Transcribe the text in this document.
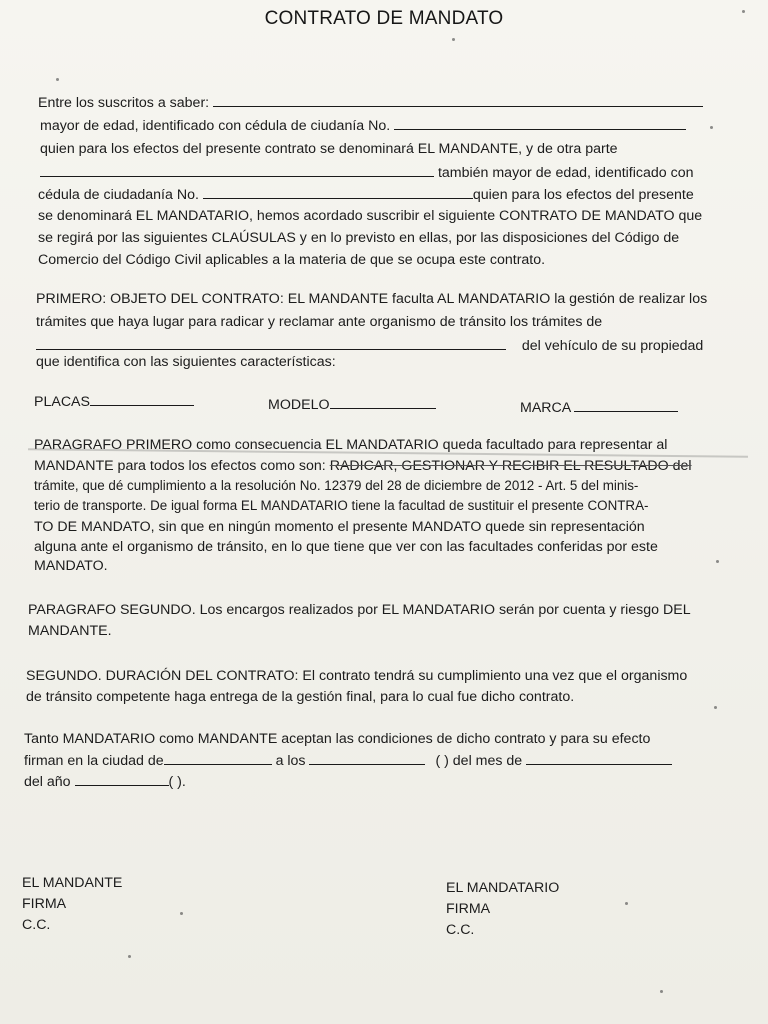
CONTRATO DE MANDATO
Entre los suscritos a saber:
mayor de edad, identificado con cédula de ciudanía No.
quien para los efectos del presente contrato se denominará EL MANDANTE, y de otra parte
también mayor de edad, identificado con
cédula de ciudadanía No.	quien para los efectos del presente
se denominará EL MANDATARIO, hemos acordado suscribir el siguiente CONTRATO DE MANDATO que
se regirá por las siguientes CLAÚSULAS y en lo previsto en ellas, por las disposiciones del Código de
Comercio del Código Civil aplicables a la materia de que se ocupa este contrato.
PRIMERO: OBJETO DEL CONTRATO: EL MANDANTE faculta AL MANDATARIO la gestión de realizar los
trámites que haya lugar para radicar y reclamar ante organismo de tránsito los trámites de
del vehículo de su propiedad
que identifica con las siguientes características:
PLACAS	MODELO	MARCA
PARAGRAFO PRIMERO como consecuencia EL MANDATARIO queda facultado para representar al
MANDANTE para todos los efectos como son: RADICAR, GESTIONAR Y RECIBIR EL RESULTADO del
trámite, que dé cumplimiento a la resolución No. 12379 del 28 de diciembre de 2012 - Art. 5 del minis-
terio de transporte. De igual forma EL MANDATARIO tiene la facultad de sustituir el presente CONTRA-
TO DE MANDATO, sin que en ningún momento el presente MANDATO quede sin representación
alguna ante el organismo de tránsito, en lo que tiene que ver con las facultades conferidas por este
MANDATO.
PARAGRAFO SEGUNDO. Los encargos realizados por EL MANDATARIO serán por cuenta y riesgo DEL
MANDANTE.
SEGUNDO. DURACIÓN DEL CONTRATO: El contrato tendrá su cumplimiento una vez que el organismo
de tránsito competente haga entrega de la gestión final, para lo cual fue dicho contrato.
Tanto MANDATARIO como MANDANTE aceptan las condiciones de dicho contrato y para su efecto
firman en la ciudad de	a los	( ) del mes de
del año	( ).
EL MANDANTE
FIRMA
C.C.
EL MANDATARIO
FIRMA
C.C.
